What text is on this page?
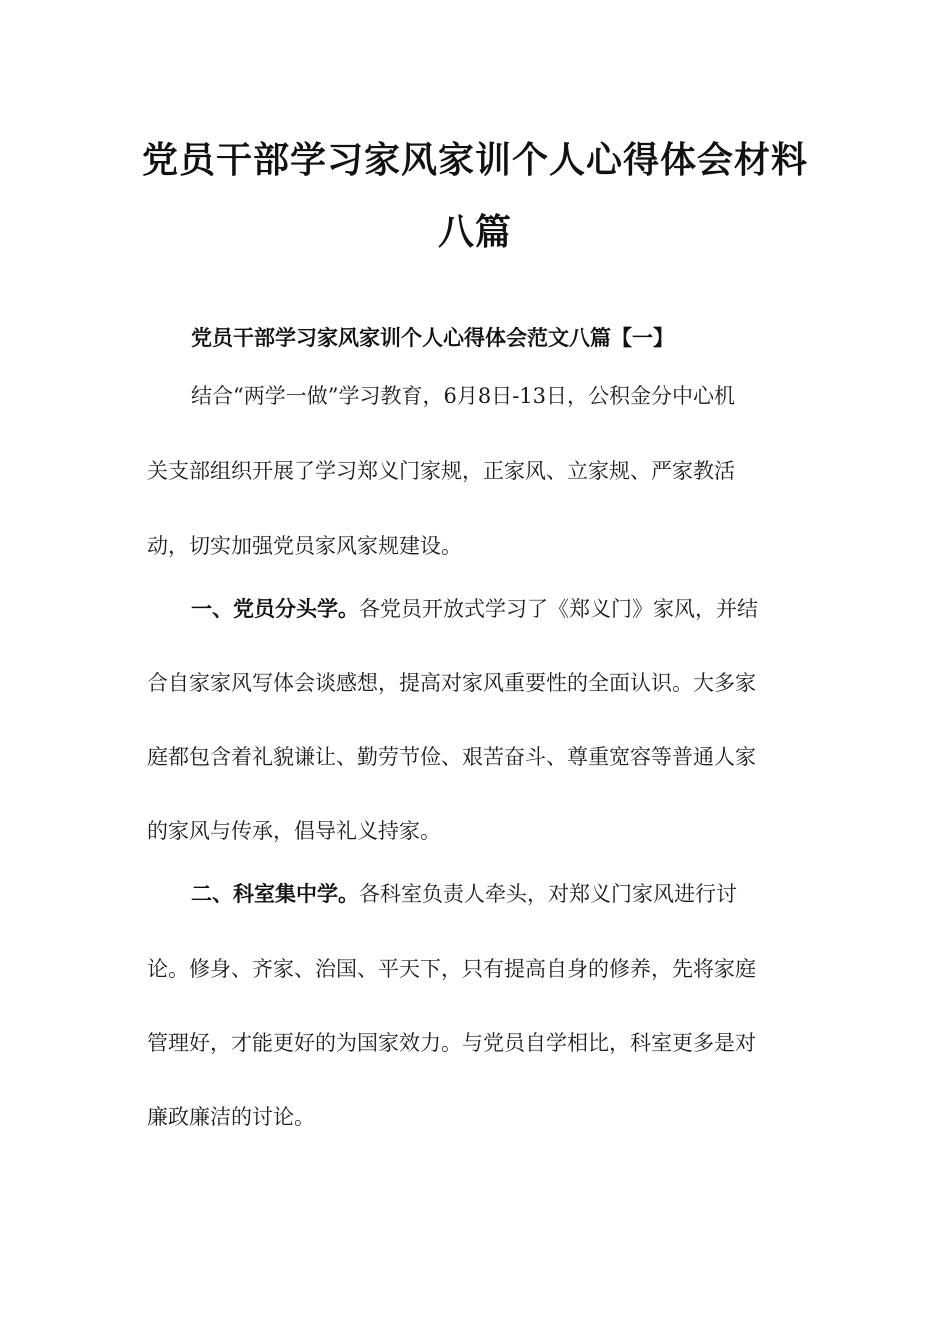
党员干部学习家风家训个人心得体会材料
八篇
党员干部学习家风家训个人心得体会范文八篇【一】
结合“两学一做”学习教育，6月8日-13日，公积金分中心机
关支部组织开展了学习郑义门家规，正家风、立家规、严家教活
动，切实加强党员家风家规建设。
一、党员分头学。各党员开放式学习了《郑义门》家风，并结
合自家家风写体会谈感想，提高对家风重要性的全面认识。大多家
庭都包含着礼貌谦让、勤劳节俭、艰苦奋斗、尊重宽容等普通人家
的家风与传承，倡导礼义持家。
二、科室集中学。各科室负责人牵头，对郑义门家风进行讨
论。修身、齐家、治国、平天下，只有提高自身的修养，先将家庭
管理好，才能更好的为国家效力。与党员自学相比，科室更多是对
廉政廉洁的讨论。
